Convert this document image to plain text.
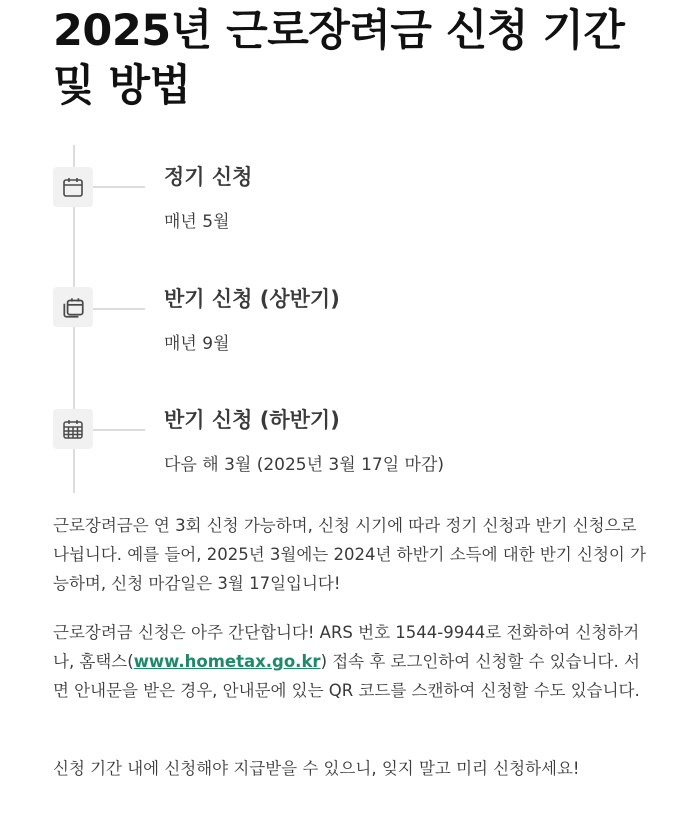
2025년 근로장려금 신청 기간 및 방법
정기 신청
매년 5월
반기 신청 (상반기)
매년 9월
반기 신청 (하반기)
다음 해 3월 (2025년 3월 17일 마감)

근로장려금은 연 3회 신청 가능하며, 신청 시기에 따라 정기 신청과 반기 신청으로 나뉩니다. 예를 들어, 2025년 3월에는 2024년 하반기 소득에 대한 반기 신청이 가능하며, 신청 마감일은 3월 17일입니다!

근로장려금 신청은 아주 간단합니다! ARS 번호 1544-9944로 전화하여 신청하거나, 홈택스(www.hometax.go.kr) 접속 후 로그인하여 신청할 수 있습니다. 서면 안내문을 받은 경우, 안내문에 있는 QR 코드를 스캔하여 신청할 수도 있습니다.

신청 기간 내에 신청해야 지급받을 수 있으니, 잊지 말고 미리 신청하세요!
